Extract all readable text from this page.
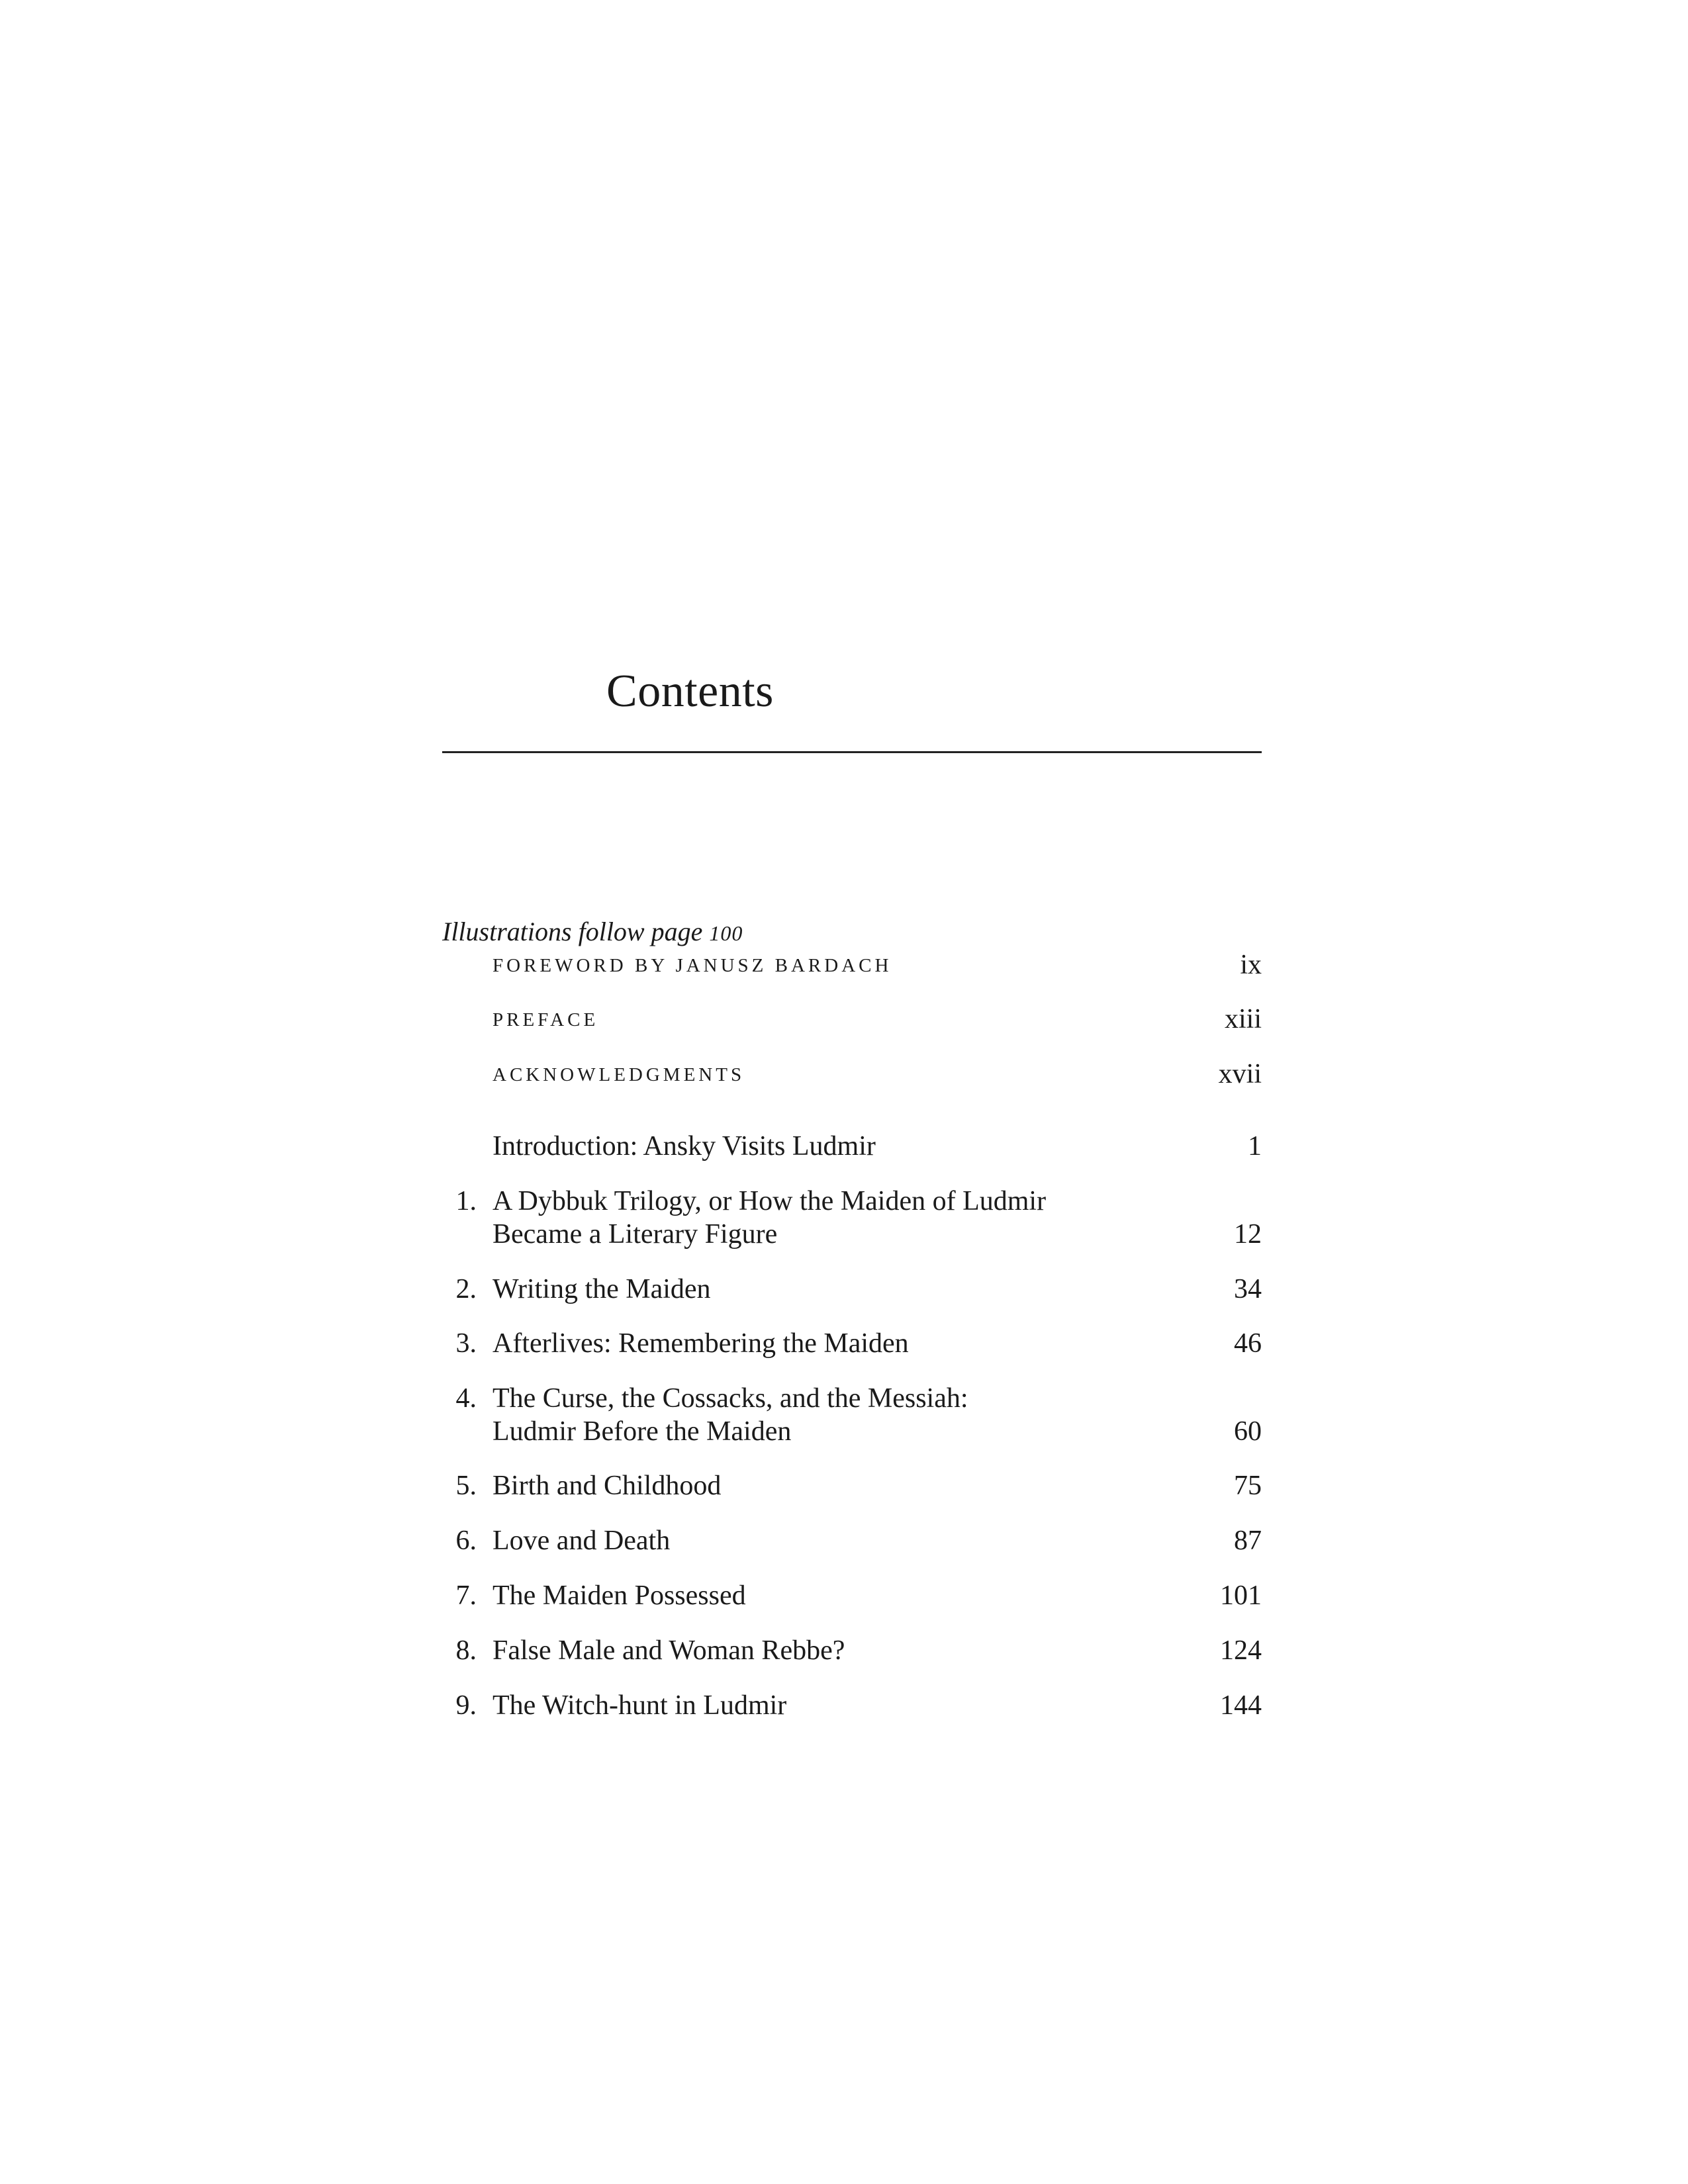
Contents
Illustrations follow page 100
FOREWORD BY JANUSZ BARDACH	ix
PREFACE	xiii
ACKNOWLEDGMENTS	xvii
Introduction: Ansky Visits Ludmir	1
1. A Dybbuk Trilogy, or How the Maiden of Ludmir
Became a Literary Figure	12
2. Writing the Maiden	34
3. Afterlives: Remembering the Maiden	46
4. The Curse, the Cossacks, and the Messiah:
Ludmir Before the Maiden	60
5. Birth and Childhood	75
6. Love and Death	87
7. The Maiden Possessed	101
8. False Male and Woman Rebbe?	124
9. The Witch-hunt in Ludmir	144
